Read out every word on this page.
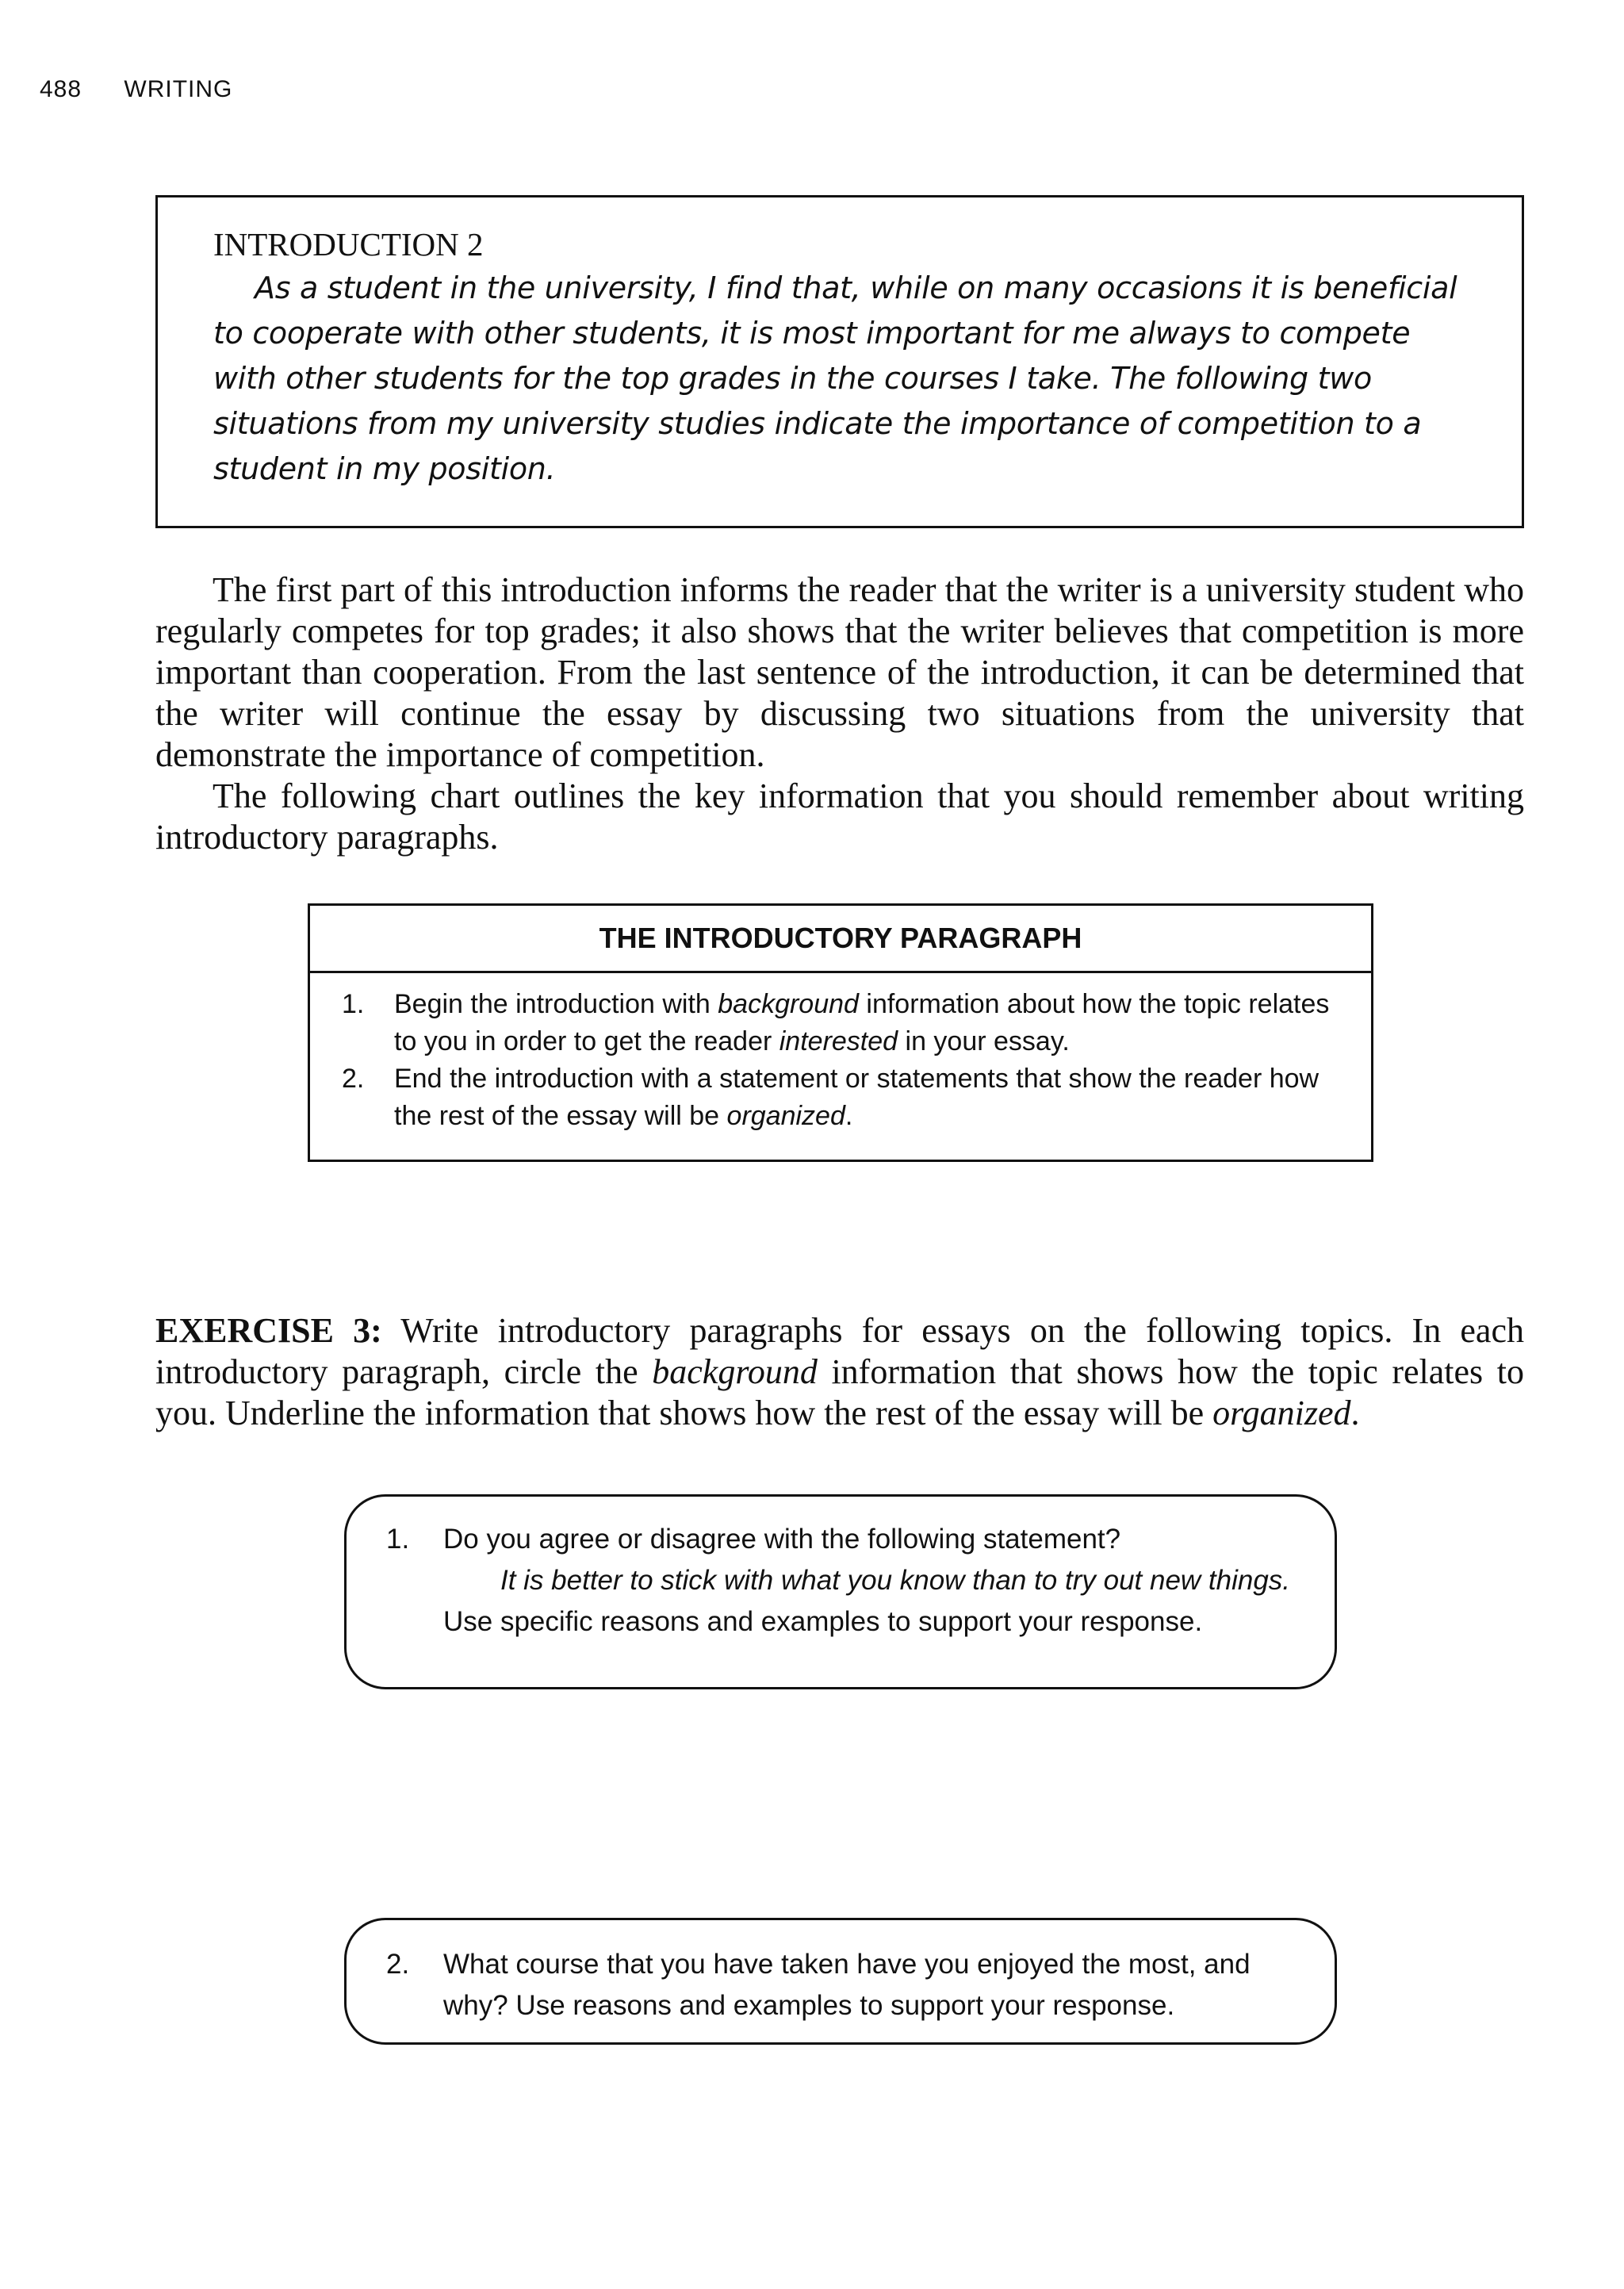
488 WRITING
INTRODUCTION 2

As a student in the university, I find that, while on many occasions it is beneficial to cooperate with other students, it is most important for me always to compete with other students for the top grades in the courses I take. The following two situations from my university studies indicate the importance of competition to a student in my position.

The first part of this introduction informs the reader that the writer is a university student who regularly competes for top grades; it also shows that the writer believes that competition is more important than cooperation. From the last sentence of the introduction, it can be determined that the writer will continue the essay by discussing two situations from the university that demonstrate the importance of competition.

The following chart outlines the key information that you should remember about writing introductory paragraphs.

THE INTRODUCTORY PARAGRAPH
1.	Begin the introduction with background information about how the topic relates to you in order to get the reader interested in your essay.
2.	End the introduction with a statement or statements that show the reader how the rest of the essay will be organized.

EXERCISE 3: Write introductory paragraphs for essays on the following topics. In each introductory paragraph, circle the background information that shows how the topic relates to you. Underline the information that shows how the rest of the essay will be organized.

1.	Do you agree or disagree with the following statement?
It is better to stick with what you know than to try out new things.
Use specific reasons and examples to support your response.
2.	What course that you have taken have you enjoyed the most, and why? Use reasons and examples to support your response.
